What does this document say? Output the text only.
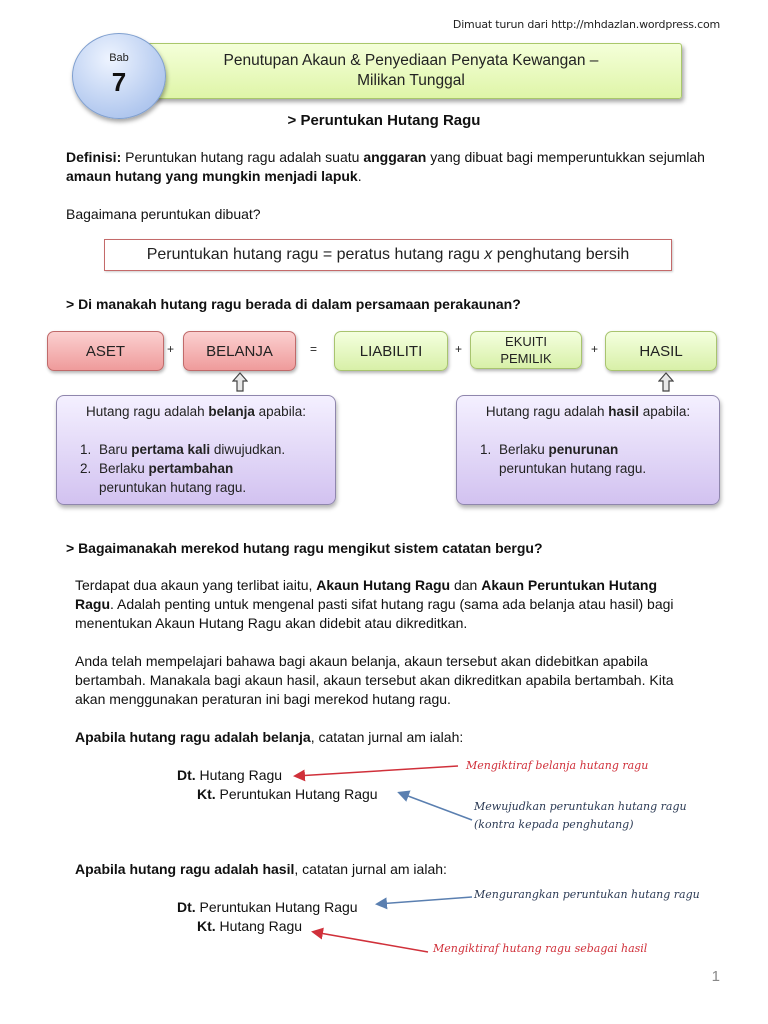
Dimuat turun dari http://mhdazlan.wordpress.com
Penutupan Akaun & Penyediaan Penyata Kewangan –
Milikan Tunggal
Bab
7
> Peruntukan Hutang Ragu
Definisi: Peruntukan hutang ragu adalah suatu anggaran yang dibuat bagi memperuntukkan sejumlah amaun hutang yang mungkin menjadi lapuk.
Bagaimana peruntukan dibuat?
Peruntukan hutang ragu = peratus hutang ragu x penghutang bersih
> Di manakah hutang ragu berada di dalam persamaan perakaunan?
ASET	+	BELANJA	=	LIABILITI	+	EKUITI PEMILIK
+	HASIL
Hutang ragu adalah belanja apabila:
1. Baru pertama kali diwujudkan.
2. Berlaku pertambahan peruntukan hutang ragu.
Hutang ragu adalah hasil apabila:
1. Berlaku penurunan peruntukan hutang ragu.
> Bagaimanakah merekod hutang ragu mengikut sistem catatan bergu?
Terdapat dua akaun yang terlibat iaitu, Akaun Hutang Ragu dan Akaun Peruntukan Hutang Ragu. Adalah penting untuk mengenal pasti sifat hutang ragu (sama ada belanja atau hasil) bagi menentukan Akaun Hutang Ragu akan didebit atau dikreditkan.
Anda telah mempelajari bahawa bagi akaun belanja, akaun tersebut akan didebitkan apabila bertambah. Manakala bagi akaun hasil, akaun tersebut akan dikreditkan apabila bertambah. Kita akan menggunakan peraturan ini bagi merekod hutang ragu.
Apabila hutang ragu adalah belanja, catatan jurnal am ialah:
Dt. Hutang Ragu
Kt. Peruntukan Hutang Ragu
Mengiktiraf belanja hutang ragu
Mewujudkan peruntukan hutang ragu (kontra kepada penghutang)
Apabila hutang ragu adalah hasil, catatan jurnal am ialah:
Dt. Peruntukan Hutang Ragu
Kt. Hutang Ragu
Mengurangkan peruntukan hutang ragu
Mengiktiraf hutang ragu sebagai hasil
1
